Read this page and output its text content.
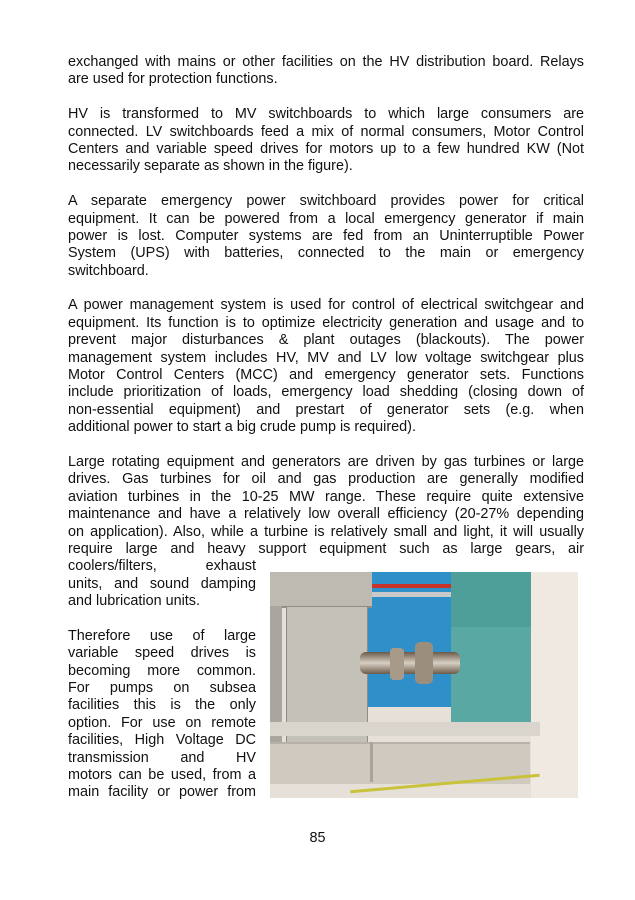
exchanged with mains or other facilities on the HV distribution board. Relays
are used for protection functions.
HV is transformed to MV switchboards to which large consumers are
connected. LV switchboards feed a mix of normal consumers, Motor Control
Centers and variable speed drives for motors up to a few hundred KW (Not
necessarily separate as shown in the figure).
A separate emergency power switchboard provides power for critical
equipment. It can be powered from a local emergency generator if main
power is lost. Computer systems are fed from an Uninterruptible Power
System (UPS) with batteries, connected to the main or emergency
switchboard.
A power management system is used for control of electrical switchgear and
equipment. Its function is to optimize electricity generation and usage and to
prevent major disturbances & plant outages (blackouts). The power
management system includes HV, MV and LV low voltage switchgear plus
Motor Control Centers (MCC) and emergency generator sets. Functions
include prioritization of loads, emergency load shedding (closing down of
non-essential equipment) and prestart of generator sets (e.g. when
additional power to start a big crude pump is required).
Large rotating equipment and generators are driven by gas turbines or large
drives. Gas turbines for oil and gas production are generally modified
aviation turbines in the 10-25 MW range. These require quite extensive
maintenance and have a relatively low overall efficiency (20-27% depending
on application). Also, while a turbine is relatively small and light, it will usually
require large and heavy support equipment such as large gears, air
coolers/filters, exhaust
units, and sound damping
and lubrication units.
Therefore use of large
variable speed drives is
becoming more common.
For pumps on subsea
facilities this is the only
option. For use on remote
facilities, High Voltage DC
transmission and HV
motors can be used, from a
main facility or power from
85
